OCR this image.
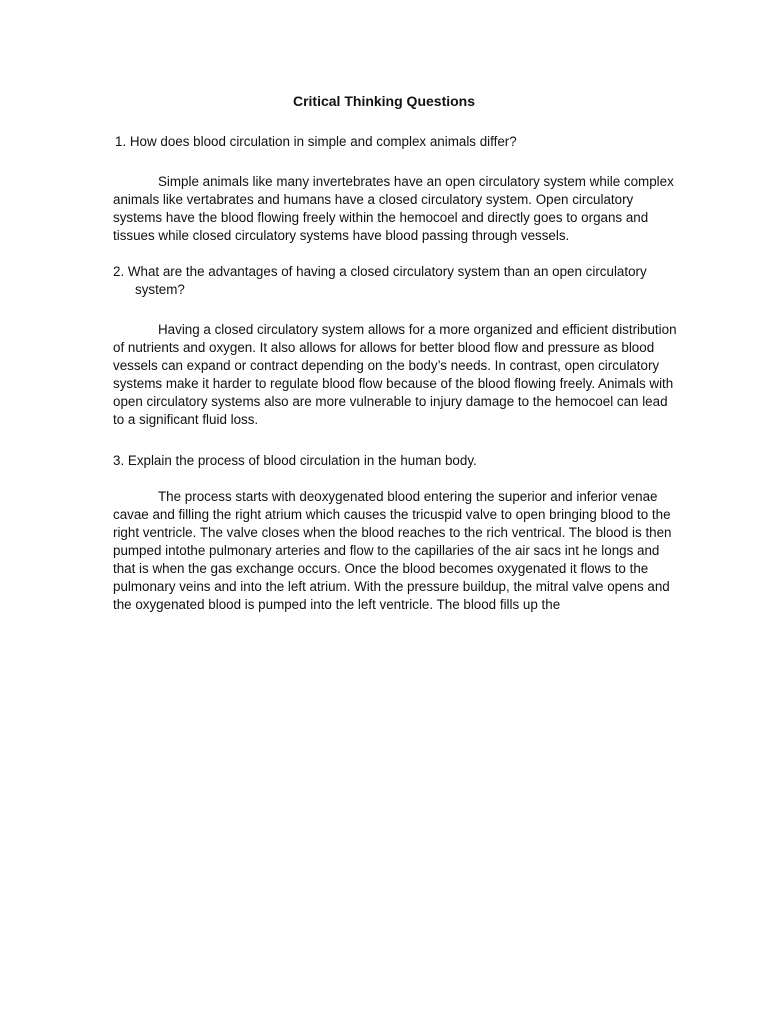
Critical Thinking Questions

1. How does blood circulation in simple and complex animals differ?

Simple animals like many invertebrates have an open circulatory system while complex animals like vertabrates and humans have a closed circulatory system. Open circulatory systems have the blood flowing freely within the hemocoel and directly goes to organs and tissues while closed circulatory systems have blood passing through vessels.

2. What are the advantages of having a closed circulatory system than an open circulatory system?

Having a closed circulatory system allows for a more organized and efficient distribution of nutrients and oxygen. It also allows for allows for better blood flow and pressure as blood vessels can expand or contract depending on the body’s needs. In contrast, open circulatory systems make it harder to regulate blood flow because of the blood flowing freely. Animals with open circulatory systems also are more vulnerable to injury damage to the hemocoel can lead to a significant fluid loss.

3. Explain the process of blood circulation in the human body.

The process starts with deoxygenated blood entering the superior and inferior venae cavae and filling the right atrium which causes the tricuspid valve to open bringing blood to the right ventricle. The valve closes when the blood reaches to the rich ventrical. The blood is then pumped intothe pulmonary arteries and flow to the capillaries of the air sacs int he longs and that is when the gas exchange occurs. Once the blood becomes oxygenated it flows to the pulmonary veins and into the left atrium. With the pressure buildup, the mitral valve opens and the oxygenated blood is pumped into the left ventricle. The blood fills up the
